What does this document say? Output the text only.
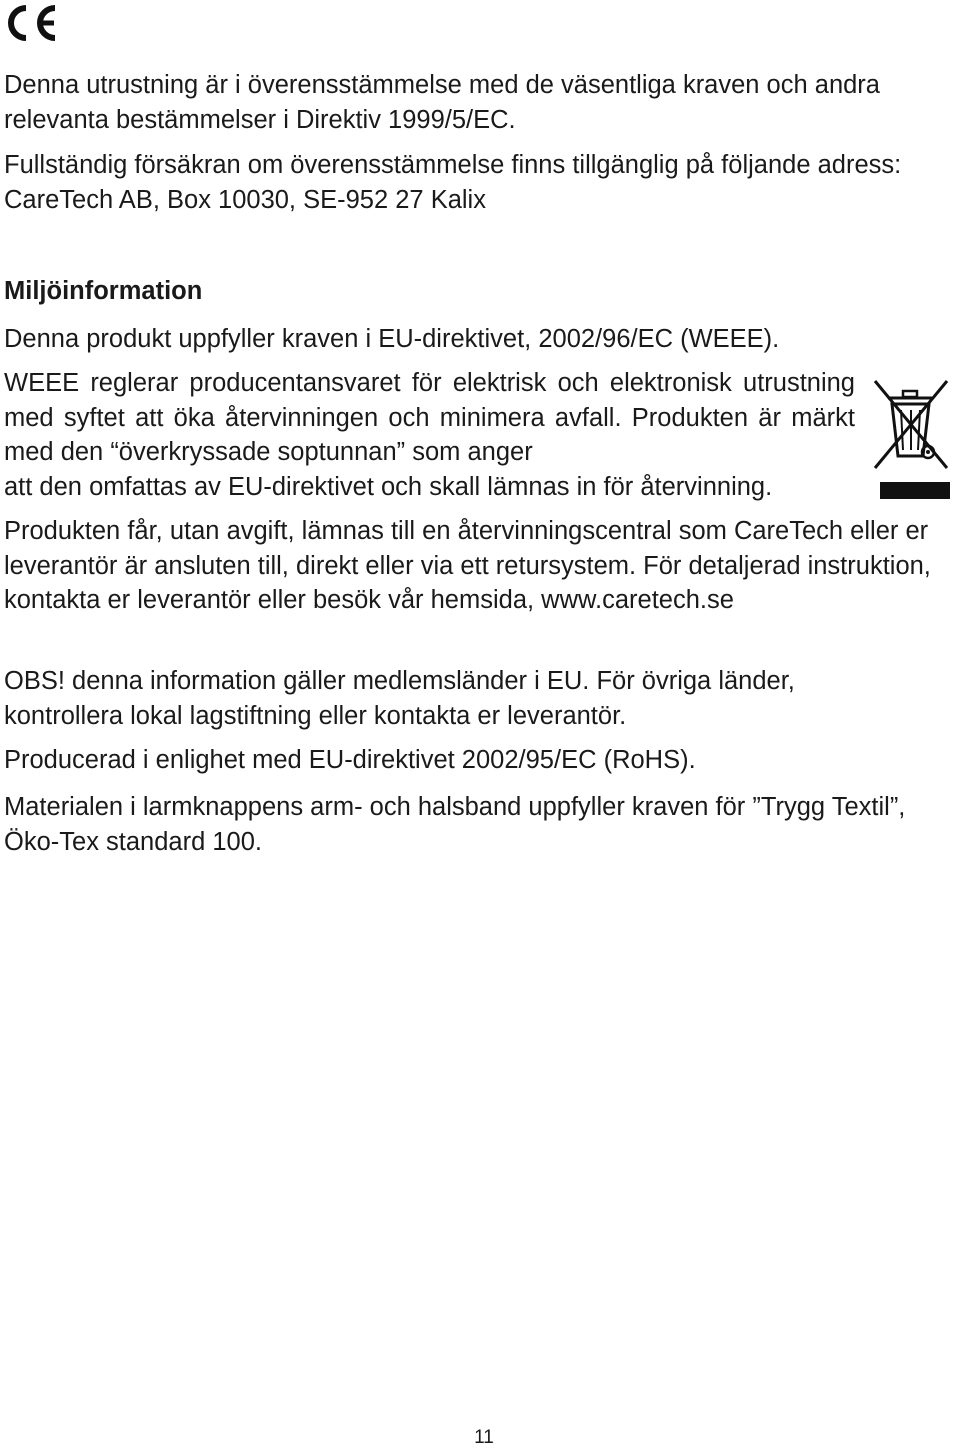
Denna utrustning är i överensstämmelse med de väsentliga kraven och andra relevanta bestämmelser i Direktiv 1999/5/EC.

Fullständig försäkran om överensstämmelse finns tillgänglig på följande adress: CareTech AB, Box 10030, SE-952 27 Kalix

Miljöinformation

Denna produkt uppfyller kraven i EU-direktivet, 2002/96/EC (WEEE).

WEEE reglerar producentansvaret för elektrisk och elektronisk utrustning med syftet att öka återvinningen och minimera avfall. Produkten är märkt med den “överkryssade soptunnan” som anger
att den omfattas av EU-direktivet och skall lämnas in för återvinning.

Produkten får, utan avgift, lämnas till en återvinningscentral som CareTech eller er leverantör är ansluten till, direkt eller via ett retursystem. För detaljerad instruktion, kontakta er leverantör eller besök vår hemsida, www.caretech.se

OBS! denna information gäller medlemsländer i EU. För övriga länder, kontrollera lokal lagstiftning eller kontakta er leverantör.

Producerad i enlighet med EU-direktivet 2002/95/EC (RoHS).

Materialen i larmknappens arm- och halsband uppfyller kraven för ”Trygg Textil”, Öko-Tex standard 100.

11
